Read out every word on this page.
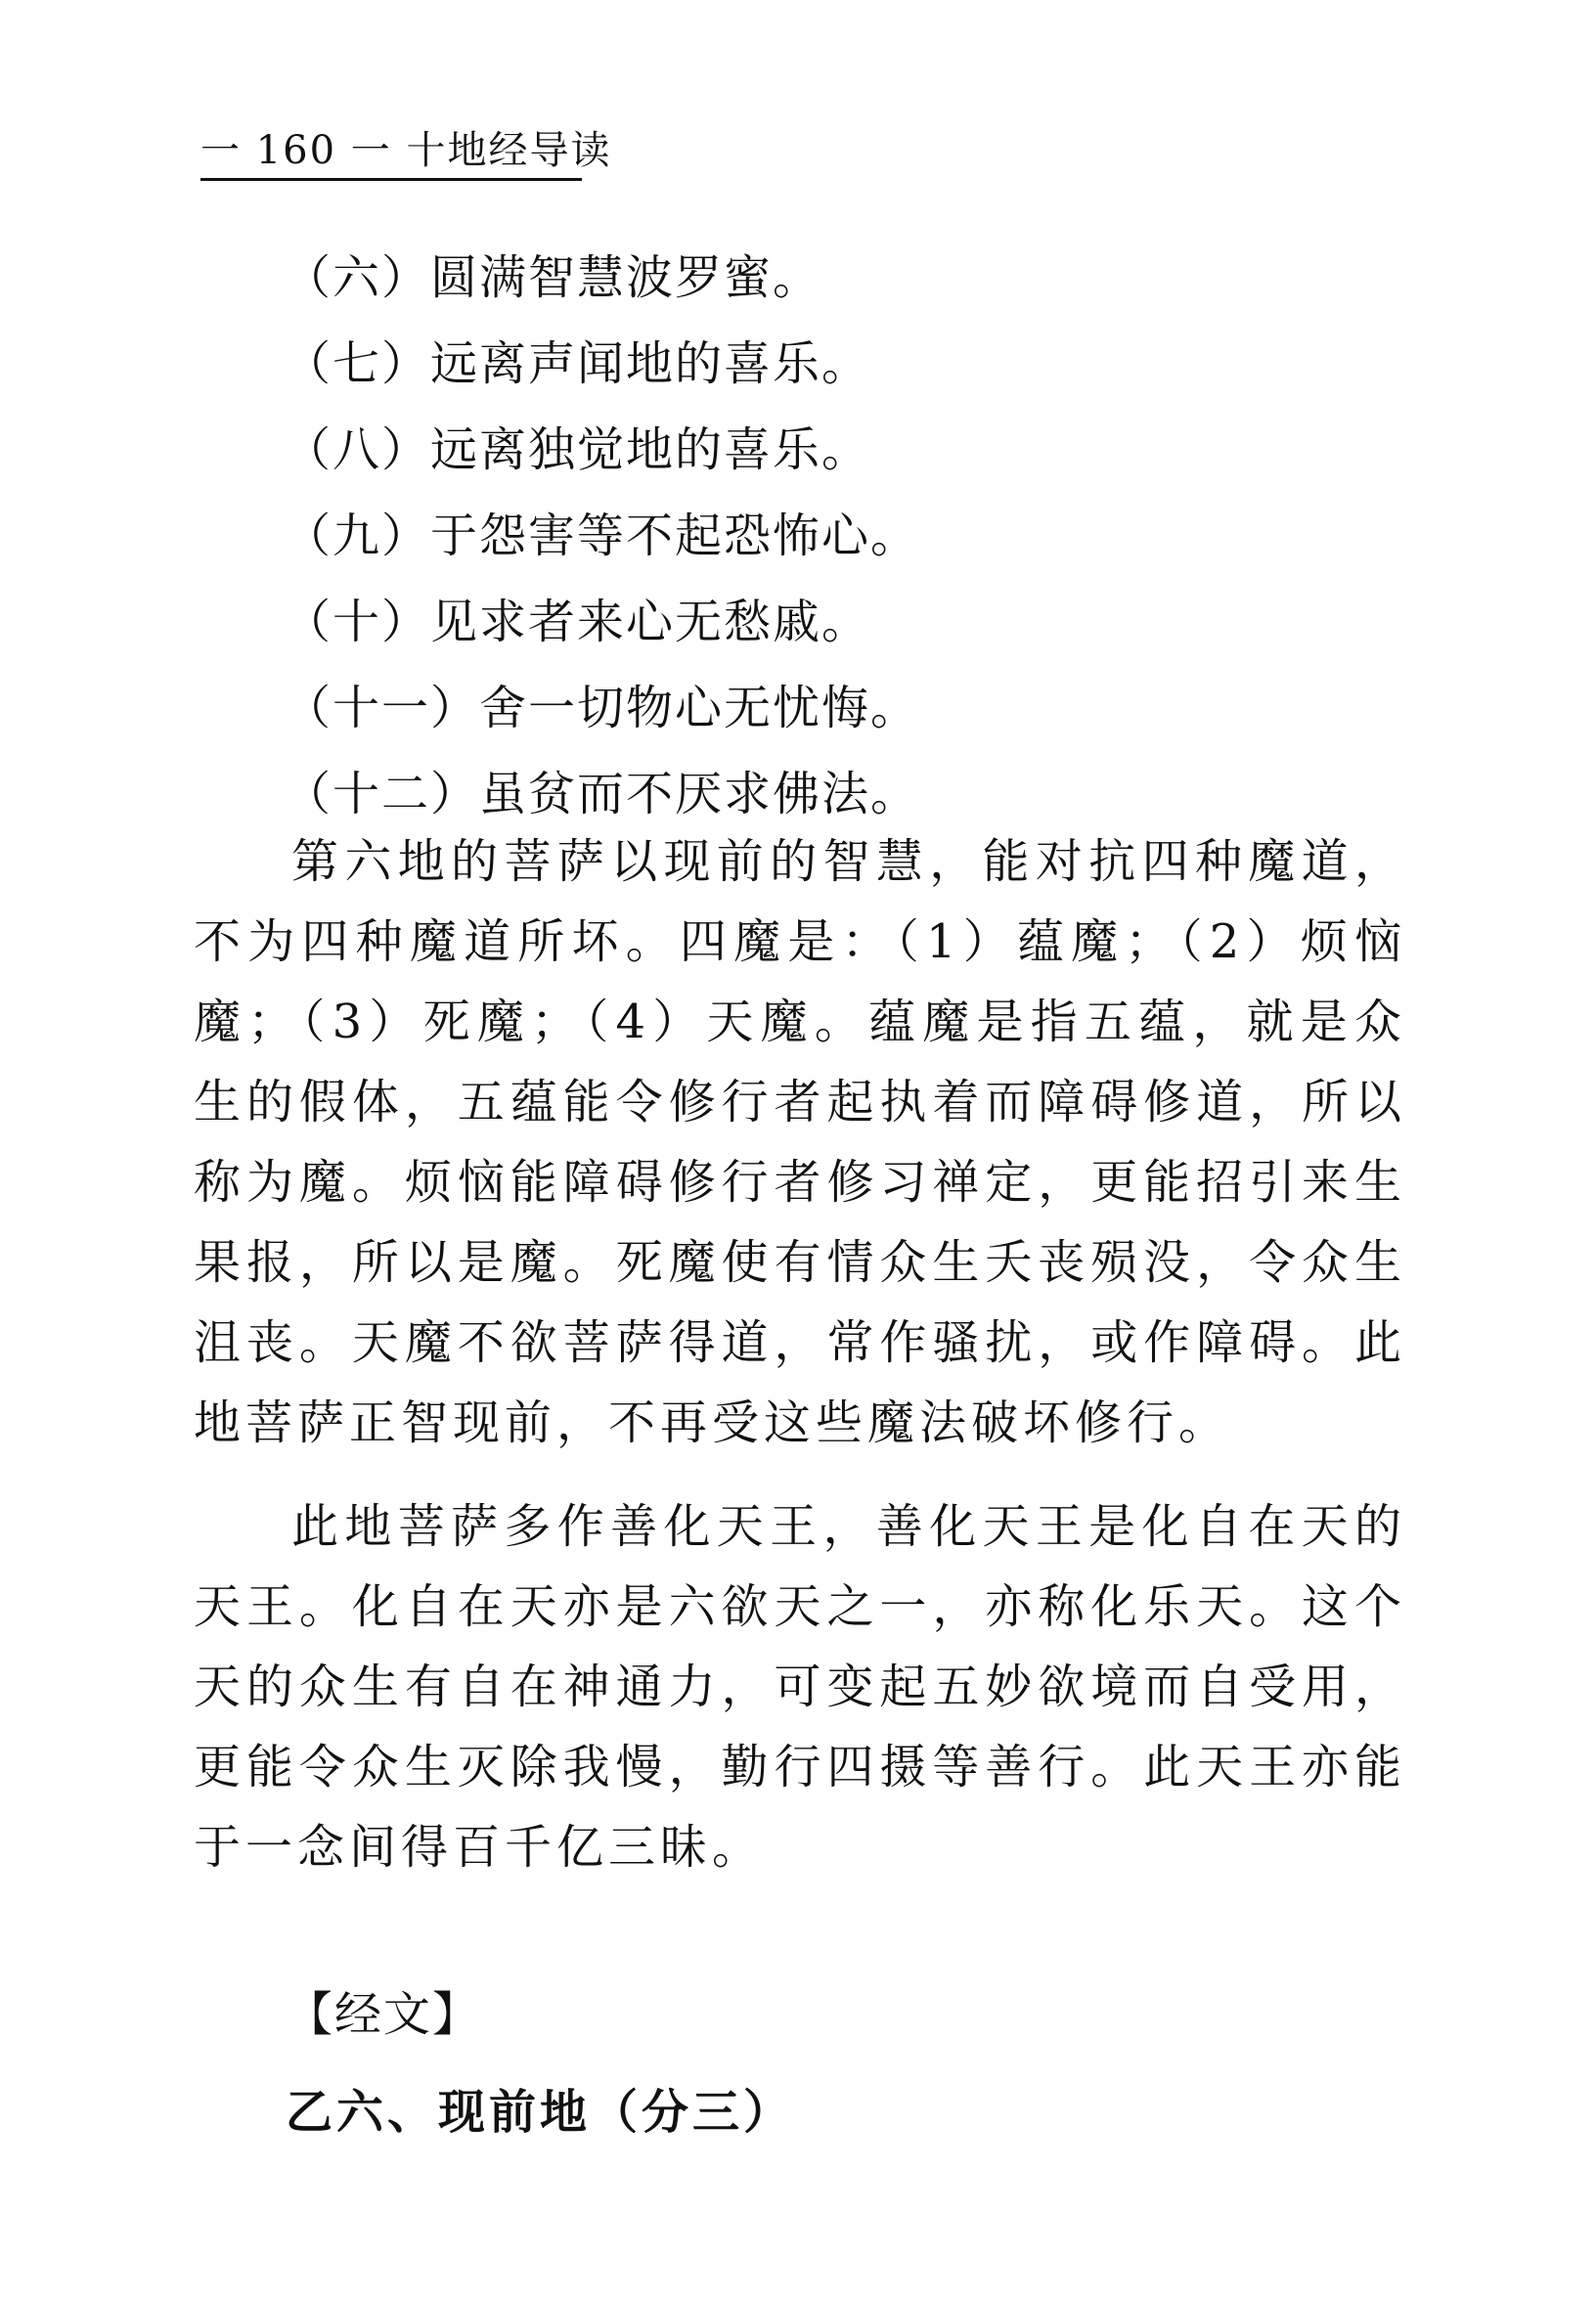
一 160 一 十地经导读
（六）圆满智慧波罗蜜。
（七）远离声闻地的喜乐。
（八）远离独觉地的喜乐。
（九）于怨害等不起恐怖心。
（十）见求者来心无愁戚。
（十一）舍一切物心无忧悔。
（十二）虽贫而不厌求佛法。

第六地的菩萨以现前的智慧，能对抗四种魔道，不为四种魔道所坏。四魔是：（1）蕴魔；（2）烦恼魔；（3）死魔；（4）天魔。蕴魔是指五蕴，就是众生的假体，五蕴能令修行者起执着而障碍修道，所以称为魔。烦恼能障碍修行者修习禅定，更能招引来生果报，所以是魔。死魔使有情众生夭丧殒没，令众生沮丧。天魔不欲菩萨得道，常作骚扰，或作障碍。此地菩萨正智现前，不再受这些魔法破坏修行。

此地菩萨多作善化天王，善化天王是化自在天的天王。化自在天亦是六欲天之一，亦称化乐天。这个天的众生有自在神通力，可变起五妙欲境而自受用，更能令众生灭除我慢，勤行四摄等善行。此天王亦能于一念间得百千亿三昧。

【经文】
乙六、现前地（分三）
